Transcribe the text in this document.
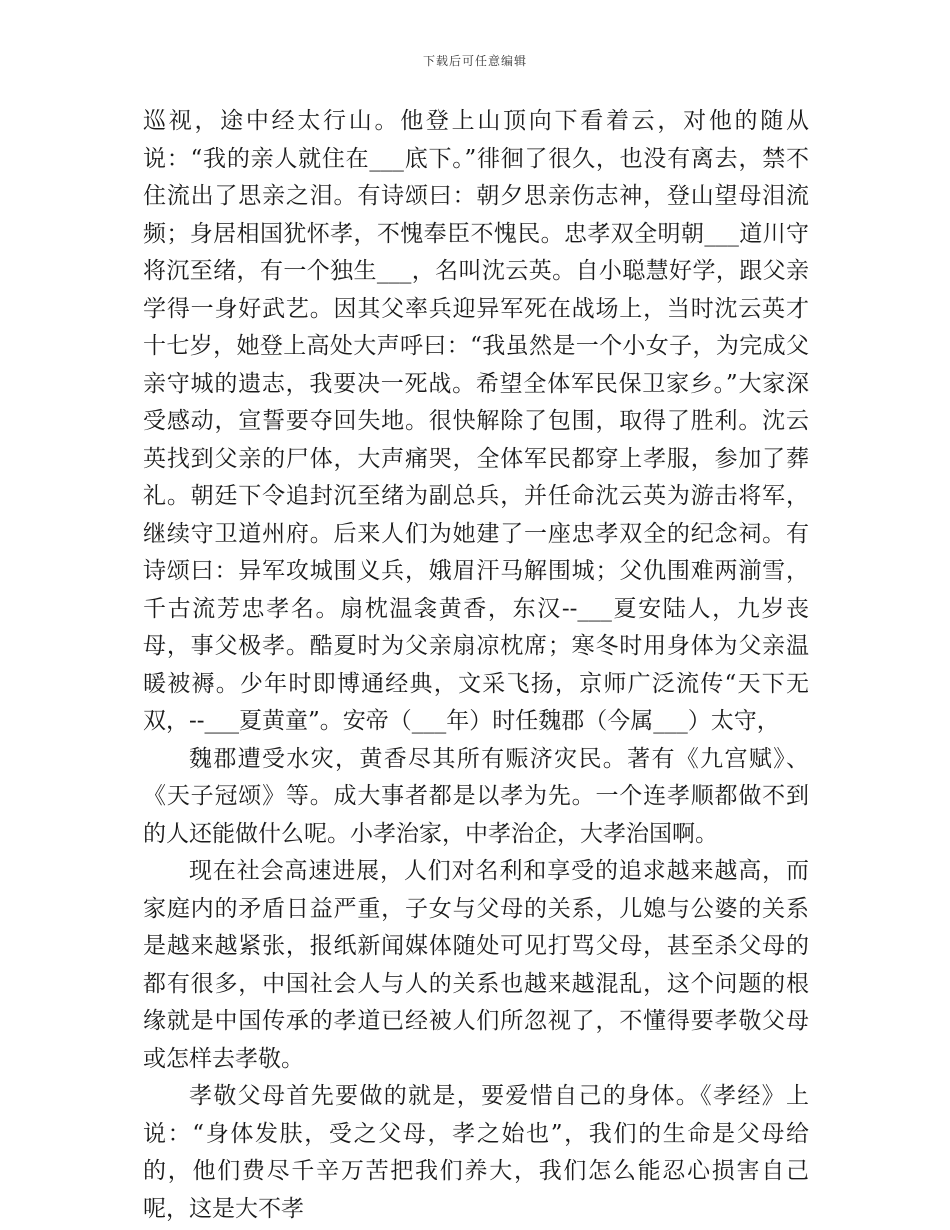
下载后可任意编辑

巡视，途中经太行山。他登上山顶向下看着云，对他的随从说：“我的亲人就住在___底下。”徘徊了很久，也没有离去，禁不住流出了思亲之泪。有诗颂曰：朝夕思亲伤志神，登山望母泪流频；身居相国犹怀孝，不愧奉臣不愧民。忠孝双全明朝___道川守将沉至绪，有一个独生___，名叫沈云英。自小聪慧好学，跟父亲学得一身好武艺。因其父率兵迎异军死在战场上，当时沈云英才十七岁，她登上高处大声呼曰：“我虽然是一个小女子，为完成父亲守城的遗志，我要决一死战。希望全体军民保卫家乡。”大家深受感动，宣誓要夺回失地。很快解除了包围，取得了胜利。沈云英找到父亲的尸体，大声痛哭，全体军民都穿上孝服，参加了葬礼。朝廷下令追封沉至绪为副总兵，并任命沈云英为游击将军，继续守卫道州府。后来人们为她建了一座忠孝双全的纪念祠。有诗颂曰：异军攻城围义兵，娥眉汗马解围城；父仇围难两湔雪，千古流芳忠孝名。扇枕温衾黄香，东汉--___夏安陆人，九岁丧母，事父极孝。酷夏时为父亲扇凉枕席；寒冬时用身体为父亲温暖被褥。少年时即博通经典，文采飞扬，京师广泛流传“天下无双，--___夏黄童”。安帝（___年）时任魏郡（今属___）太守，

魏郡遭受水灾，黄香尽其所有赈济灾民。著有《九宫赋》、《天子冠颂》等。成大事者都是以孝为先。一个连孝顺都做不到的人还能做什么呢。小孝治家，中孝治企，大孝治国啊。

现在社会高速进展，人们对名利和享受的追求越来越高，而家庭内的矛盾日益严重，子女与父母的关系，儿媳与公婆的关系是越来越紧张，报纸新闻媒体随处可见打骂父母，甚至杀父母的都有很多，中国社会人与人的关系也越来越混乱，这个问题的根缘就是中国传承的孝道已经被人们所忽视了，不懂得要孝敬父母或怎样去孝敬。

孝敬父母首先要做的就是，要爱惜自己的身体。《孝经》上说：“身体发肤，受之父母，孝之始也”，我们的生命是父母给的，他们费尽千辛万苦把我们养大，我们怎么能忍心损害自己呢，这是大不孝
